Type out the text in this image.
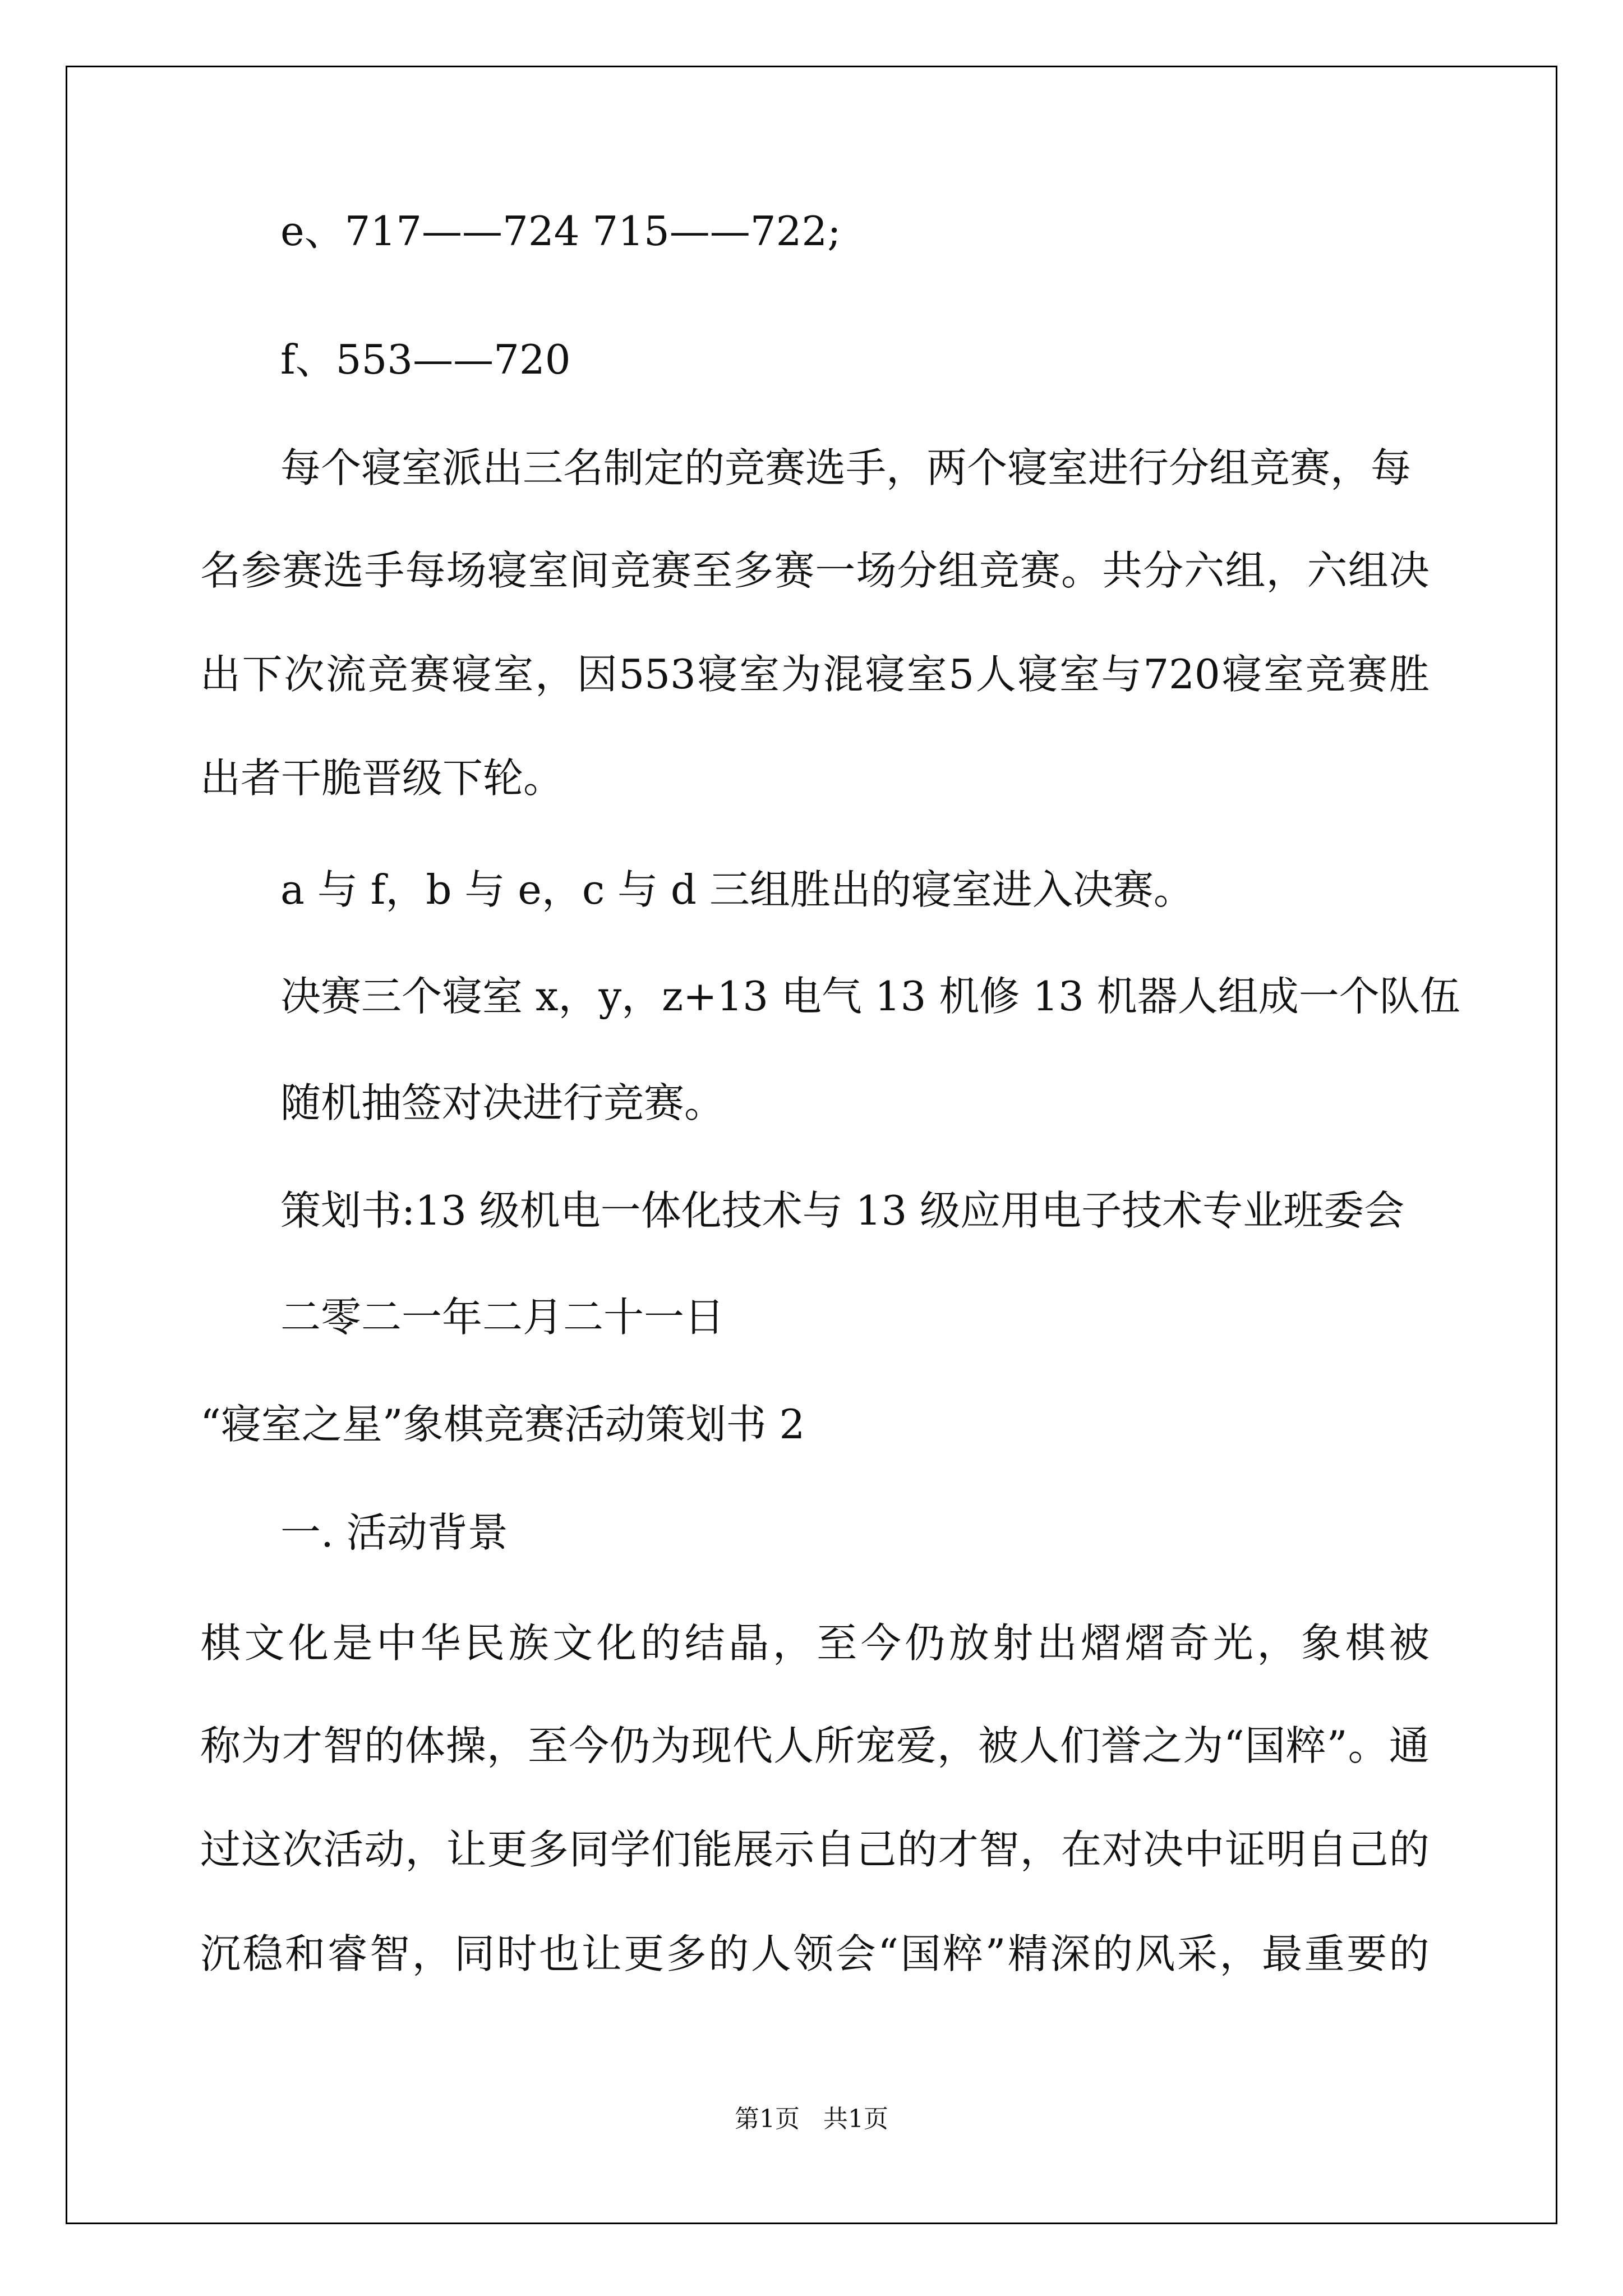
e、717——724 715——722;
f、553——720
每个寝室派出三名制定的竞赛选手，两个寝室进行分组竞赛，每
名 参 赛 选 手 每 场 寝 室 间 竞 赛 至 多 赛 一 场 分 组 竞 赛 。 共 分 六 组 ， 六 组 决
出 下 次 流 竞 赛 寝 室 ， 因 553 寝 室 为 混 寝 室 5 人 寝 室 与 720 寝 室 竞 赛 胜
出者干脆晋级下轮。
a 与 f，b 与 e，c 与 d 三组胜出的寝室进入决赛。
决赛三个寝室 x，y，z+13 电气 13 机修 13 机器人组成一个队伍
随机抽签对决进行竞赛。
策划书:13 级机电一体化技术与 13 级应用电子技术专业班委会
二零二一年二月二十一日
“寝室之星”象棋竞赛活动策划书 2
一. 活动背景
棋 文 化 是 中 华 民 族 文 化 的 结 晶 ， 至 今 仍 放 射 出 熠 熠 奇 光 ， 象 棋 被
称 为 才 智 的 体 操 ， 至 今 仍 为 现 代 人 所 宠 爱 ， 被 人 们 誉 之 为 “ 国 粹 ” 。 通
过 这 次 活 动 ， 让 更 多 同 学 们 能 展 示 自 己 的 才 智 ， 在 对 决 中 证 明 自 己 的
沉 稳 和 睿 智 ， 同 时 也 让 更 多 的 人 领 会 “ 国 粹 ” 精 深 的 风 采 ， 最 重 要 的
第1页   共1页
